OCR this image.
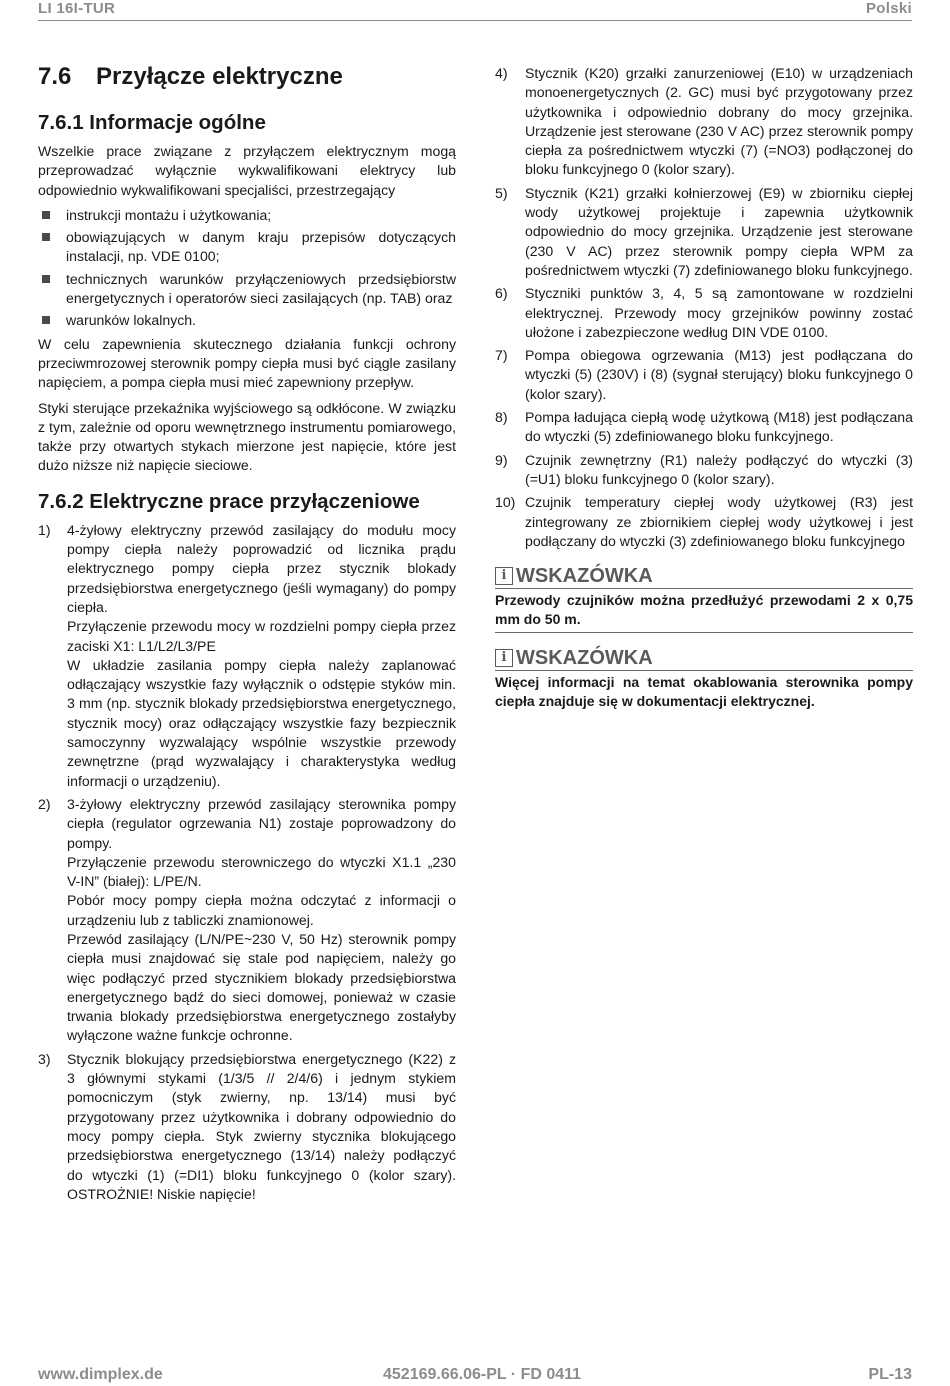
LI 16I-TUR	Polski
7.6 Przyłącze elektryczne
7.6.1 Informacje ogólne

Wszelkie prace związane z przyłączem elektrycznym mogą przeprowadzać wyłącznie wykwalifikowani elektrycy lub odpowiednio wykwalifikowani specjaliści, przestrzegający

instrukcji montażu i użytkowania;
obowiązujących w danym kraju przepisów dotyczących instalacji, np. VDE 0100;
technicznych warunków przyłączeniowych przedsiębiorstw energetycznych i operatorów sieci zasilających (np. TAB) oraz
warunków lokalnych.

W celu zapewnienia skutecznego działania funkcji ochrony przeciwmrozowej sterownik pompy ciepła musi być ciągle zasilany napięciem, a pompa ciepła musi mieć zapewniony przepływ.

Styki sterujące przekaźnika wyjściowego są odkłócone. W związku z tym, zależnie od oporu wewnętrznego instrumentu pomiarowego, także przy otwartych stykach mierzone jest napięcie, które jest dużo niższe niż napięcie sieciowe.

7.6.2 Elektryczne prace przyłączeniowe
1) 4-żyłowy elektryczny przewód zasilający do modułu mocy pompy ciepła należy poprowadzić od licznika prądu elektrycznego pompy ciepła przez stycznik blokady przedsiębiorstwa energetycznego (jeśli wymagany) do pompy ciepła.

Przyłączenie przewodu mocy w rozdzielni pompy ciepła przez zaciski X1: L1/L2/L3/PE

W układzie zasilania pompy ciepła należy zaplanować odłączający wszystkie fazy wyłącznik o odstępie styków min. 3 mm (np. stycznik blokady przedsiębiorstwa energetycznego, stycznik mocy) oraz odłączający wszystkie fazy bezpiecznik samoczynny wyzwalający wspólnie wszystkie przewody zewnętrzne (prąd wyzwalający i charakterystyka według informacji o urządzeniu).

2) 3-żyłowy elektryczny przewód zasilający sterownika pompy ciepła (regulator ogrzewania N1) zostaje poprowadzony do pompy.

Przyłączenie przewodu sterowniczego do wtyczki X1.1 „230 V-IN” (białej): L/PE/N.

Pobór mocy pompy ciepła można odczytać z informacji o urządzeniu lub z tabliczki znamionowej.

Przewód zasilający (L/N/PE~230 V, 50 Hz) sterownik pompy ciepła musi znajdować się stale pod napięciem, należy go więc podłączyć przed stycznikiem blokady przedsiębiorstwa energetycznego bądź do sieci domowej, ponieważ w czasie trwania blokady przedsiębiorstwa energetycznego zostałyby wyłączone ważne funkcje ochronne.

3) Stycznik blokujący przedsiębiorstwa energetycznego (K22) z 3 głównymi stykami (1/3/5 // 2/4/6) i jednym stykiem pomocniczym (styk zwierny, np. 13/14) musi być przygotowany przez użytkownika i dobrany odpowiednio do mocy pompy ciepła. Styk zwierny stycznika blokującego przedsiębiorstwa energetycznego (13/14) należy podłączyć do wtyczki (1) (=DI1) bloku funkcyjnego 0 (kolor szary). OSTROŻNIE! Niskie napięcie!

4) Stycznik (K20) grzałki zanurzeniowej (E10) w urządzeniach monoenergetycznych (2. GC) musi być przygotowany przez użytkownika i odpowiednio dobrany do mocy grzejnika. Urządzenie jest sterowane (230 V AC) przez sterownik pompy ciepła za pośrednictwem wtyczki (7) (=NO3) podłączonej do bloku funkcyjnego 0 (kolor szary).

5) Stycznik (K21) grzałki kołnierzowej (E9) w zbiorniku ciepłej wody użytkowej projektuje i zapewnia użytkownik odpowiednio do mocy grzejnika. Urządzenie jest sterowane (230 V AC) przez sterownik pompy ciepła WPM za pośrednictwem wtyczki (7) zdefiniowanego bloku funkcyjnego.

6) Styczniki punktów 3, 4, 5 są zamontowane w rozdzielni elektrycznej. Przewody mocy grzejników powinny zostać ułożone i zabezpieczone według DIN VDE 0100.

7) Pompa obiegowa ogrzewania (M13) jest podłączana do wtyczki (5) (230V) i (8) (sygnał sterujący) bloku funkcyjnego 0 (kolor szary).

8) Pompa ładująca ciepłą wodę użytkową (M18) jest podłączana do wtyczki (5) zdefiniowanego bloku funkcyjnego.

9) Czujnik zewnętrzny (R1) należy podłączyć do wtyczki (3) (=U1) bloku funkcyjnego 0 (kolor szary).

10) Czujnik temperatury ciepłej wody użytkowej (R3) jest zintegrowany ze zbiornikiem ciepłej wody użytkowej i jest podłączany do wtyczki (3) zdefiniowanego bloku funkcyjnego

i WSKAZÓWKA
Przewody czujników można przedłużyć przewodami 2 x 0,75 mm do 50 m.
i WSKAZÓWKA
Więcej informacji na temat okablowania sterownika pompy ciepła znajduje się w dokumentacji elektrycznej.
www.dimplex.de	452169.66.06-PL · FD 0411	PL-13
